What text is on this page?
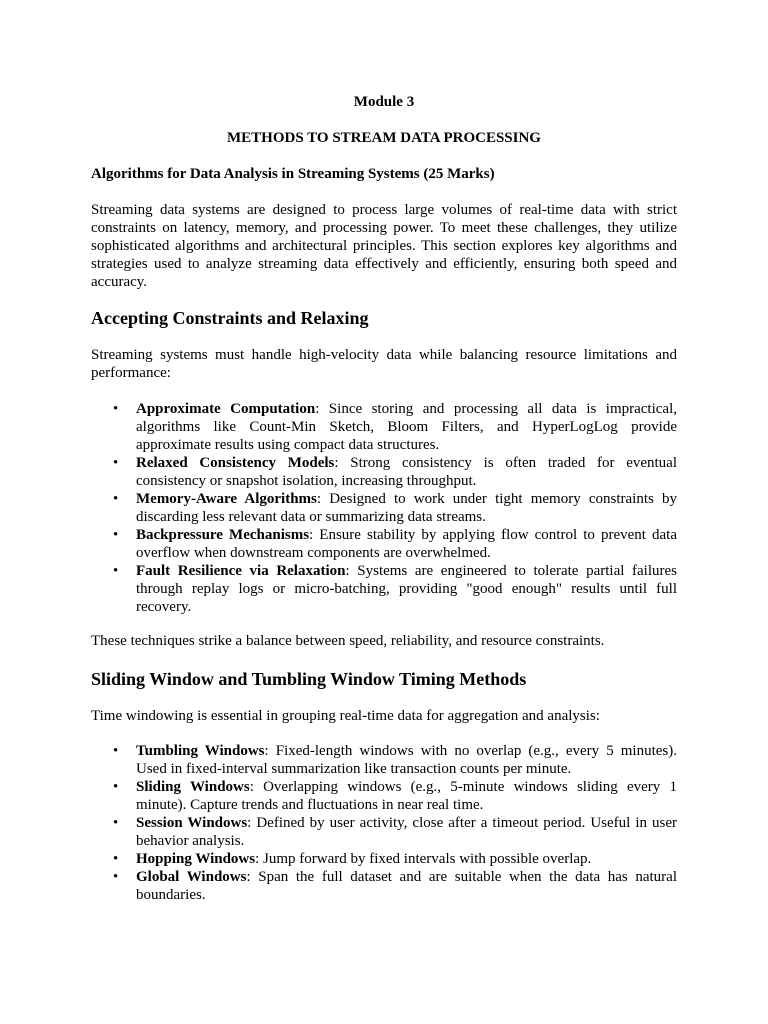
Module 3
METHODS TO STREAM DATA PROCESSING
Algorithms for Data Analysis in Streaming Systems (25 Marks)
Streaming data systems are designed to process large volumes of real-time data with strict constraints on latency, memory, and processing power. To meet these challenges, they utilize sophisticated algorithms and architectural principles. This section explores key algorithms and strategies used to analyze streaming data effectively and efficiently, ensuring both speed and accuracy.
Accepting Constraints and Relaxing
Streaming systems must handle high-velocity data while balancing resource limitations and performance:
• Approximate Computation: Since storing and processing all data is impractical, algorithms like Count-Min Sketch, Bloom Filters, and HyperLogLog provide approximate results using compact data structures.
• Relaxed Consistency Models: Strong consistency is often traded for eventual consistency or snapshot isolation, increasing throughput.
• Memory-Aware Algorithms: Designed to work under tight memory constraints by discarding less relevant data or summarizing data streams.
• Backpressure Mechanisms: Ensure stability by applying flow control to prevent data overflow when downstream components are overwhelmed.
• Fault Resilience via Relaxation: Systems are engineered to tolerate partial failures through replay logs or micro-batching, providing "good enough" results until full recovery.
These techniques strike a balance between speed, reliability, and resource constraints.
Sliding Window and Tumbling Window Timing Methods
Time windowing is essential in grouping real-time data for aggregation and analysis:
• Tumbling Windows: Fixed-length windows with no overlap (e.g., every 5 minutes). Used in fixed-interval summarization like transaction counts per minute.
• Sliding Windows: Overlapping windows (e.g., 5-minute windows sliding every 1 minute). Capture trends and fluctuations in near real time.
• Session Windows: Defined by user activity, close after a timeout period. Useful in user behavior analysis.
• Hopping Windows: Jump forward by fixed intervals with possible overlap.
• Global Windows: Span the full dataset and are suitable when the data has natural boundaries.
